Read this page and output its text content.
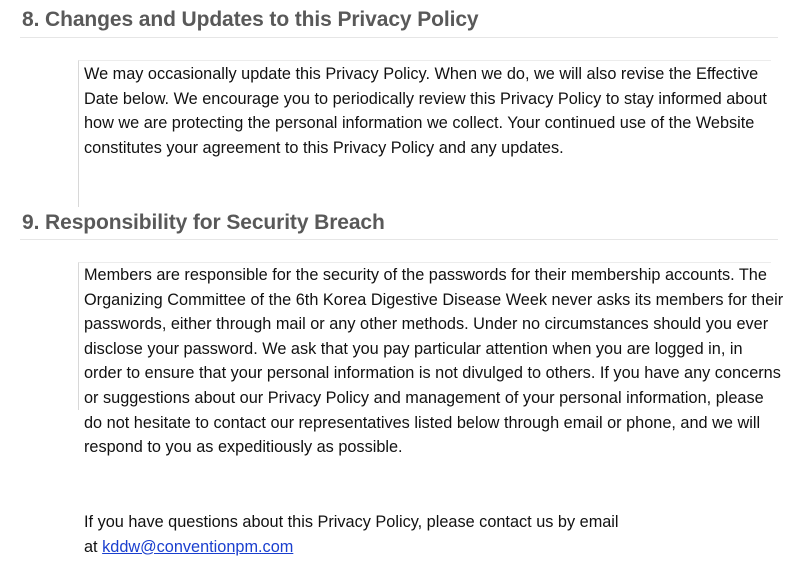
8. Changes and Updates to this Privacy Policy

We may occasionally update this Privacy Policy. When we do, we will also revise the Effective Date below. We encourage you to periodically review this Privacy Policy to stay informed about how we are protecting the personal information we collect. Your continued use of the Website constitutes your agreement to this Privacy Policy and any updates.

9. Responsibility for Security Breach

Members are responsible for the security of the passwords for their membership accounts. The Organizing Committee of the 6th Korea Digestive Disease Week never asks its members for their passwords, either through mail or any other methods. Under no circumstances should you ever disclose your password. We ask that you pay particular attention when you are logged in, in order to ensure that your personal information is not divulged to others. If you have any concerns or suggestions about our Privacy Policy and management of your personal information, please do not hesitate to contact our representatives listed below through email or phone, and we will respond to you as expeditiously as possible.

If you have questions about this Privacy Policy, please contact us by email
at kddw@conventionpm.com
